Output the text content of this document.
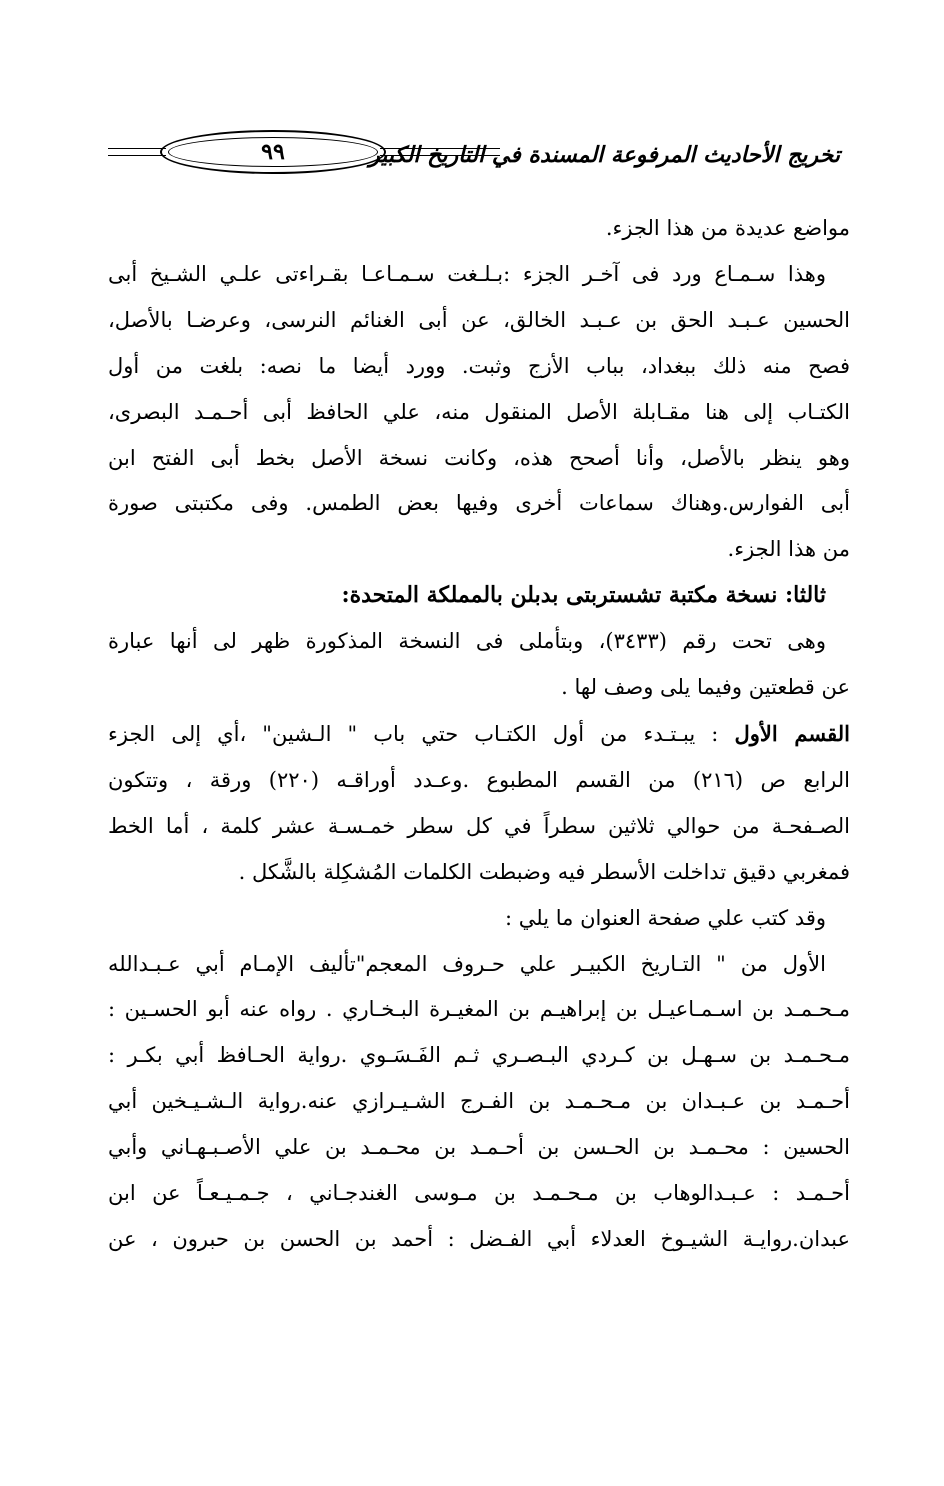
٩٩	تخريج الأحاديث المرفوعة المسندة في التاريخ الكبير
مواضع عديدة من هذا الجزء.
وهذا سـمـاع ورد فى آخـر الجزء :بـلـغت سـمـاعـا بقـراءتى علـي الشـيخ أبى
الحسين عـبـد الحق بن عـبـد الخالق، عن أبى الغنائم النرسى، وعرضـا بالأصل،
فصح منه ذلك ببغداد، بباب الأزج وثبت. وورد أيضا ما نصه: بلغت من أول
الكتـاب إلى هنا مقـابلة الأصل المنقول منه، علي الحافظ أبى أحـمـد البصرى،
وهو ينظر بالأصل، وأنا أصحح هذه، وكانت نسخة الأصل بخط أبى الفتح ابن
أبى الفوارس.وهناك سماعات أخرى وفيها بعض الطمس. وفى مكتبتى صورة
من هذا الجزء.
ثالثا: نسخة مكتبة تشستربتى بدبلن بالمملكة المتحدة:
وهى تحت رقم (٣٤٣٣)، وبتأملى فى النسخة المذكورة ظهر لى أنها عبارة
عن قطعتين وفيما يلى وصف لها .
القسم الأول : يبـتـدء من أول الكتـاب حتي باب " الـشين" ،أي إلى الجزء
الرابع ص (٢١٦) من القسم المطبوع .وعـدد أوراقـه (٢٢٠) ورقة ، وتتكون
الصـفحـة من حوالي ثلاثين سطراً في كل سطر خمـسـة عشر كلمة ، أما الخط
فمغربي دقيق تداخلت الأسطر فيه وضبطت الكلمات المُشكِلة بالشَّكل .
وقد كتب علي صفحة العنوان ما يلي :
الأول من " التـاريخ الكبيـر علي حـروف المعجم"تأليف الإمـام أبي عـبـدالله
مـحـمـد بن اسـمـاعيـل بن إبراهيـم بن المغيـرة البـخـاري . رواه عنه أبو الحسـين :
مـحـمـد بن سـهـل بن كـردي البـصـري ثـم الفَـسَـوي .رواية الحـافظ أبي بكـر :
أحـمـد بن عـبـدان بن مـحـمـد بن الفـرج الشـيـرازي عنه.رواية الـشـيـخين أبي
الحسين : محـمـد بن الحـسن بن أحـمـد بن محـمـد بن علي الأصـبـهـاني وأبي
أحـمـد : عـبـدالوهاب بن مـحـمـد بن مـوسى الغندجـاني ، جـمـيـعـاً عن ابن
عبدان.روايـة الشيـوخ العدلاء أبي الفـضل : أحمد بن الحسن بن حبرون ، عن
